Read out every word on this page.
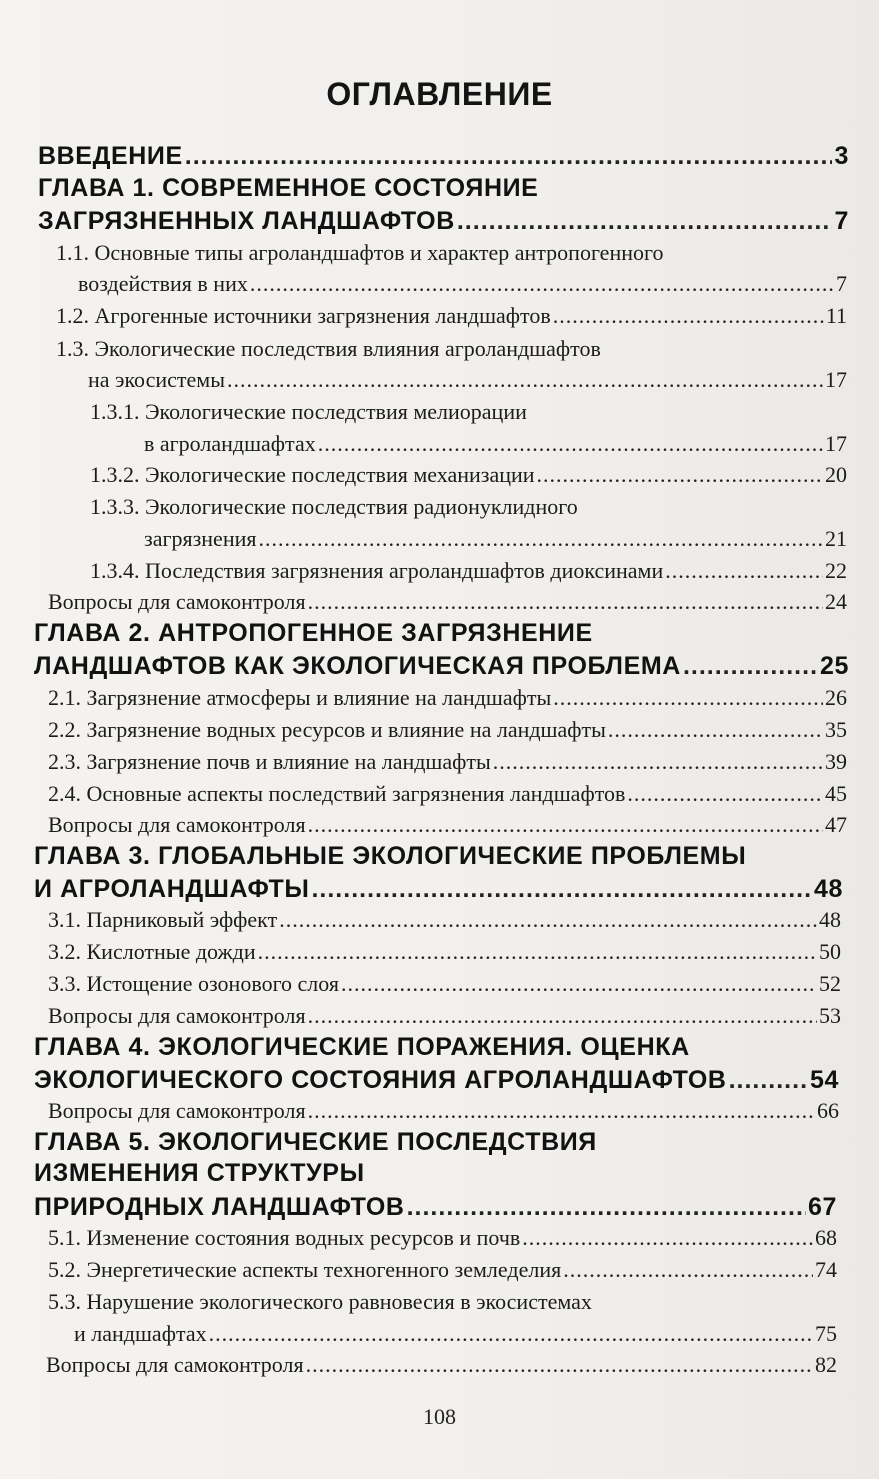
ОГЛАВЛЕНИЕ
ВВЕДЕНИЕ .....	3
ГЛАВА 1. СОВРЕМЕННОЕ СОСТОЯНИЕ
ЗАГРЯЗНЕННЫХ ЛАНДШАФТОВ .....	7
1.1. Основные типы агроландшафтов и характер антропогенного
воздействия в них .....	7
1.2. Агрогенные источники загрязнения ландшафтов .....	11
1.3. Экологические последствия влияния агроландшафтов
на экосистемы .....	17
1.3.1. Экологические последствия мелиорации
в агроландшафтах .....	17
1.3.2. Экологические последствия механизации .....	20
1.3.3. Экологические последствия радионуклидного
загрязнения .....	21
1.3.4. Последствия загрязнения агроландшафтов диоксинами .....	22
Вопросы для самоконтроля .....	24
ГЛАВА 2. АНТРОПОГЕННОЕ ЗАГРЯЗНЕНИЕ
ЛАНДШАФТОВ КАК ЭКОЛОГИЧЕСКАЯ ПРОБЛЕМА .....	25
2.1. Загрязнение атмосферы и влияние на ландшафты .....	26
2.2. Загрязнение водных ресурсов и влияние на ландшафты .....	35
2.3. Загрязнение почв и влияние на ландшафты .....	39
2.4. Основные аспекты последствий загрязнения ландшафтов .....	45
Вопросы для самоконтроля .....	47
ГЛАВА 3. ГЛОБАЛЬНЫЕ ЭКОЛОГИЧЕСКИЕ ПРОБЛЕМЫ
И АГРОЛАНДШАФТЫ .....	48
3.1. Парниковый эффект .....	48
3.2. Кислотные дожди .....	50
3.3. Истощение озонового слоя .....	52
Вопросы для самоконтроля .....	53
ГЛАВА 4. ЭКОЛОГИЧЕСКИЕ ПОРАЖЕНИЯ. ОЦЕНКА
ЭКОЛОГИЧЕСКОГО СОСТОЯНИЯ АГРОЛАНДШАФТОВ .....	54
Вопросы для самоконтроля .....	66
ГЛАВА 5. ЭКОЛОГИЧЕСКИЕ ПОСЛЕДСТВИЯ
ИЗМЕНЕНИЯ СТРУКТУРЫ
ПРИРОДНЫХ ЛАНДШАФТОВ .....	67
5.1. Изменение состояния водных ресурсов и почв .....	68
5.2. Энергетические аспекты техногенного земледелия .....	74
5.3. Нарушение экологического равновесия в экосистемах
и ландшафтах .....	75
Вопросы для самоконтроля .....	82
108
